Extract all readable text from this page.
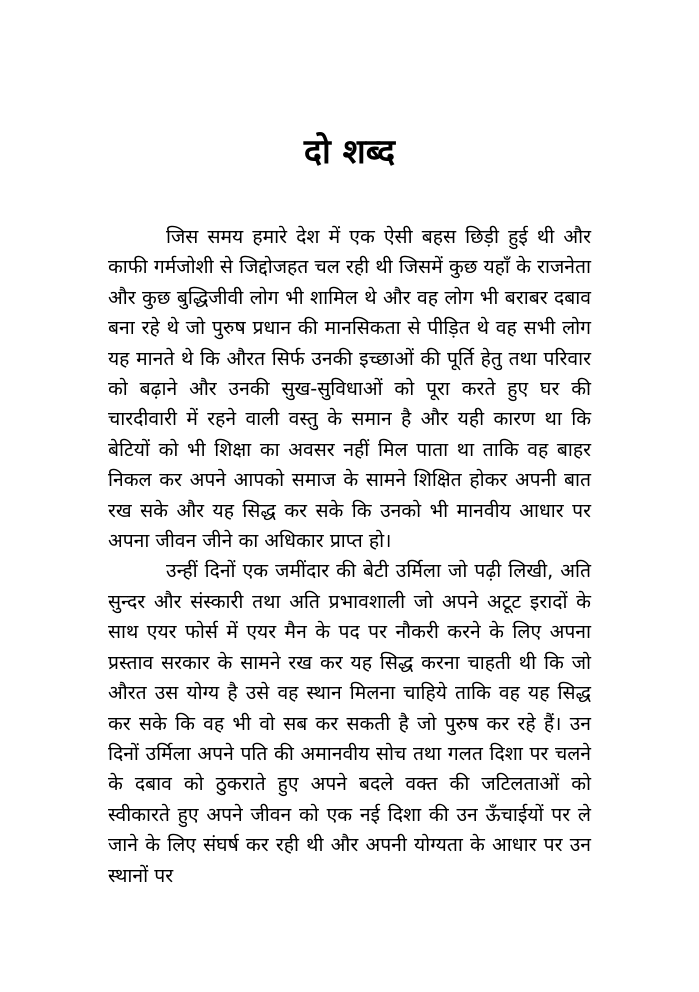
दो शब्द

जिस समय हमारे देश में एक ऐसी बहस छिड़ी हुई थी और काफी गर्मजोशी से जिद्दोजहत चल रही थी जिसमें कुछ यहाँ के राजनेता और कुछ बुद्धिजीवी लोग भी शामिल थे और वह लोग भी बराबर दबाव बना रहे थे जो पुरुष प्रधान की मानसिकता से पीड़ित थे वह सभी लोग यह मानते थे कि औरत सिर्फ उनकी इच्छाओं की पूर्ति हेतु तथा परिवार को बढ़ाने और उनकी सुख-सुविधाओं को पूरा करते हुए घर की चारदीवारी में रहने वाली वस्तु के समान है और यही कारण था कि बेटियों को भी शिक्षा का अवसर नहीं मिल पाता था ताकि वह बाहर निकल कर अपने आपको समाज के सामने शिक्षित होकर अपनी बात रख सके और यह सिद्ध कर सके कि उनको भी मानवीय आधार पर अपना जीवन जीने का अधिकार प्राप्त हो।

उन्हीं दिनों एक जमींदार की बेटी उर्मिला जो पढ़ी लिखी, अति सुन्दर और संस्कारी तथा अति प्रभावशाली जो अपने अटूट इरादों के साथ एयर फोर्स में एयर मैन के पद पर नौकरी करने के लिए अपना प्रस्ताव सरकार के सामने रख कर यह सिद्ध करना चाहती थी कि जो औरत उस योग्य है उसे वह स्थान मिलना चाहिये ताकि वह यह सिद्ध कर सके कि वह भी वो सब कर सकती है जो पुरुष कर रहे हैं। उन दिनों उर्मिला अपने पति की अमानवीय सोच तथा गलत दिशा पर चलने के दबाव को ठुकराते हुए अपने बदले वक्त की जटिलताओं को स्वीकारते हुए अपने जीवन को एक नई दिशा की उन ऊँचाईयों पर ले जाने के लिए संघर्ष कर रही थी और अपनी योग्यता के आधार पर उन स्थानों पर
